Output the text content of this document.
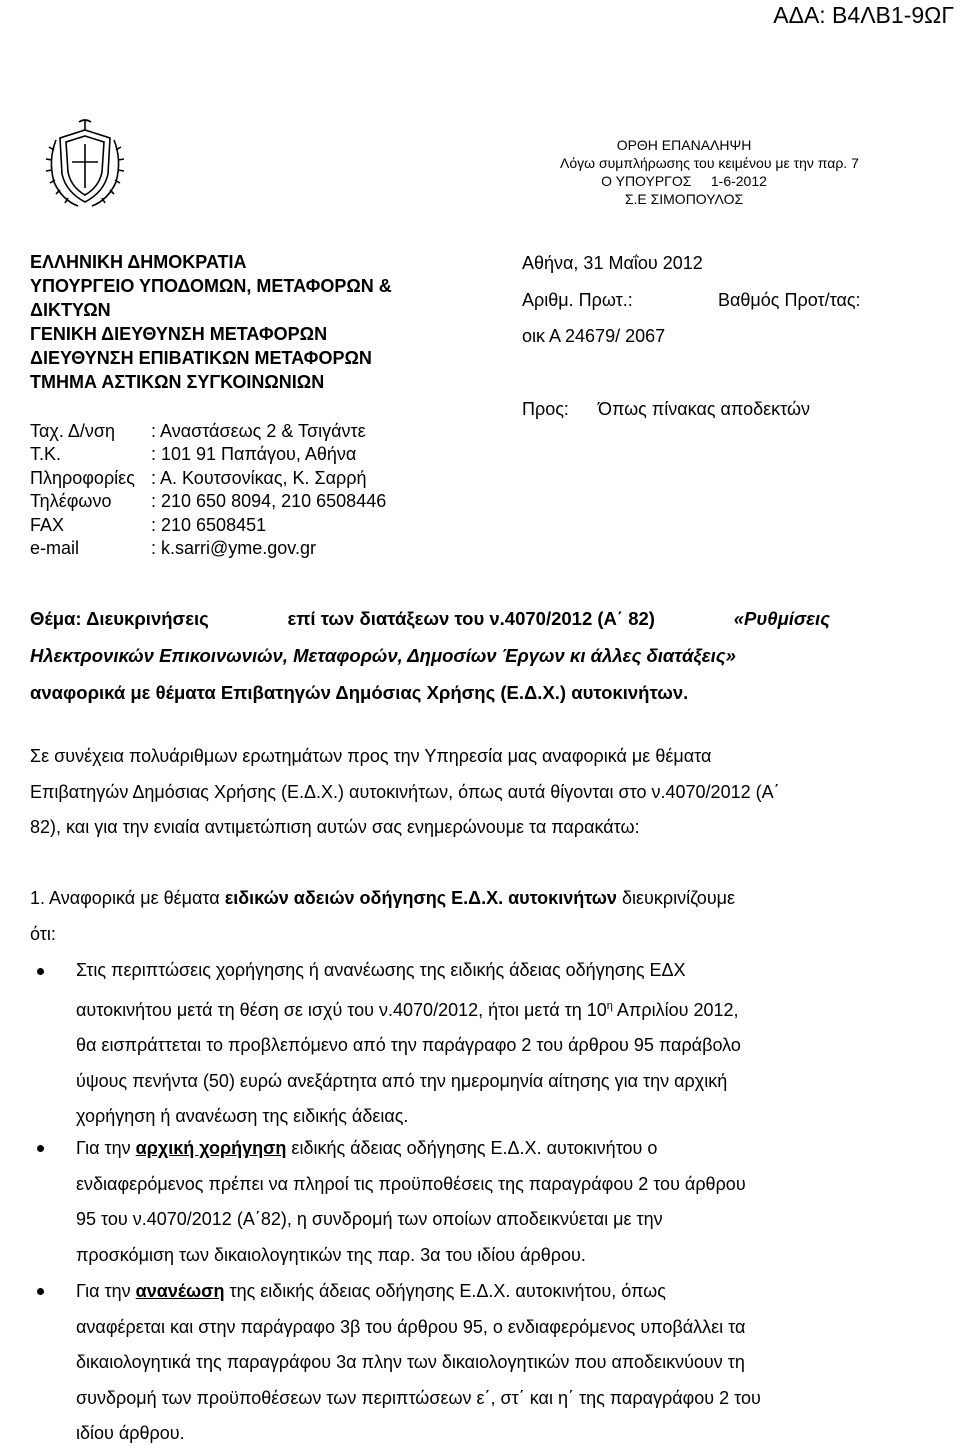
ΑΔΑ: Β4ΛΒ1-9ΩΓ
ΟΡΘΗ ΕΠΑΝΑΛΗΨΗ
Λόγω συμπλήρωσης του κειμένου με την παρ. 7
Ο ΥΠΟΥΡΓΟΣ     1-6-2012
Σ.Ε ΣΙΜΟΠΟΥΛΟΣ
ΕΛΛΗΝΙΚΗ ΔΗΜΟΚΡΑΤΙΑ
ΥΠΟΥΡΓΕΙΟ ΥΠΟΔΟΜΩΝ, ΜΕΤΑΦΟΡΩΝ &
ΔΙΚΤΥΩΝ
ΓΕΝΙΚΗ ΔΙΕΥΘΥΝΣΗ ΜΕΤΑΦΟΡΩΝ
ΔΙΕΥΘΥΝΣΗ ΕΠΙΒΑΤΙΚΩΝ ΜΕΤΑΦΟΡΩΝ
ΤΜΗΜΑ ΑΣΤΙΚΩΝ ΣΥΓΚΟΙΝΩΝΙΩΝ
Ταχ. Δ/νση	: Αναστάσεως 2 & Τσιγάντε
Τ.Κ.	: 101 91 Παπάγου, Αθήνα
Πληροφορίες : Α. Κουτσονίκας, Κ. Σαρρή
Τηλέφωνο	: 210 650 8094, 210 6508446
FAX	: 210 6508451
e-mail	: k.sarri@yme.gov.gr
Αθήνα, 31 Μαΐου 2012
Αριθμ. Πρωτ.:	Βαθμός Προτ/τας:
οικ Α 24679/ 2067
Προς: Όπως πίνακας αποδεκτών
Θέμα: Διευκρινήσεις	επί των διατάξεων του ν.4070/2012 (Α΄ 82)	«Ρυθμίσεις
Ηλεκτρονικών Επικοινωνιών, Μεταφορών, Δημοσίων Έργων κι άλλες διατάξεις»
αναφορικά με θέματα Επιβατηγών Δημόσιας Χρήσης (Ε.Δ.Χ.) αυτοκινήτων.
Σε συνέχεια πολυάριθμων ερωτημάτων προς την Υπηρεσία μας αναφορικά με θέματα
Επιβατηγών Δημόσιας Χρήσης (Ε.Δ.Χ.) αυτοκινήτων, όπως αυτά θίγονται στο ν.4070/2012 (Α΄
82), και για την ενιαία αντιμετώπιση αυτών σας ενημερώνουμε τα παρακάτω:
1. Αναφορικά με θέματα ειδικών αδειών οδήγησης Ε.Δ.Χ. αυτοκινήτων διευκρινίζουμε
ότι:
Στις περιπτώσεις χορήγησης ή ανανέωσης της ειδικής άδειας οδήγησης ΕΔΧ
αυτοκινήτου μετά τη θέση σε ισχύ του ν.4070/2012, ήτοι μετά τη $10^\eta$ Απριλίου 2012,
θα εισπράττεται το προβλεπόμενο από την παράγραφο 2 του άρθρου 95 παράβολο
ύψους πενήντα (50) ευρώ ανεξάρτητα από την ημερομηνία αίτησης για την αρχική
χορήγηση ή ανανέωση της ειδικής άδειας.
Για την αρχική χορήγηση ειδικής άδειας οδήγησης Ε.Δ.Χ. αυτοκινήτου ο
ενδιαφερόμενος πρέπει να πληροί τις προϋποθέσεις της παραγράφου 2 του άρθρου
95 του ν.4070/2012 (Α΄82), η συνδρομή των οποίων αποδεικνύεται με την
προσκόμιση των δικαιολογητικών της παρ. 3α του ιδίου άρθρου.
Για την ανανέωση της ειδικής άδειας οδήγησης Ε.Δ.Χ. αυτοκινήτου, όπως
αναφέρεται και στην παράγραφο 3β του άρθρου 95, ο ενδιαφερόμενος υποβάλλει τα
δικαιολογητικά της παραγράφου 3α πλην των δικαιολογητικών που αποδεικνύουν τη
συνδρομή των προϋποθέσεων των περιπτώσεων ε΄, στ΄ και η΄ της παραγράφου 2 του
ιδίου άρθρου.
